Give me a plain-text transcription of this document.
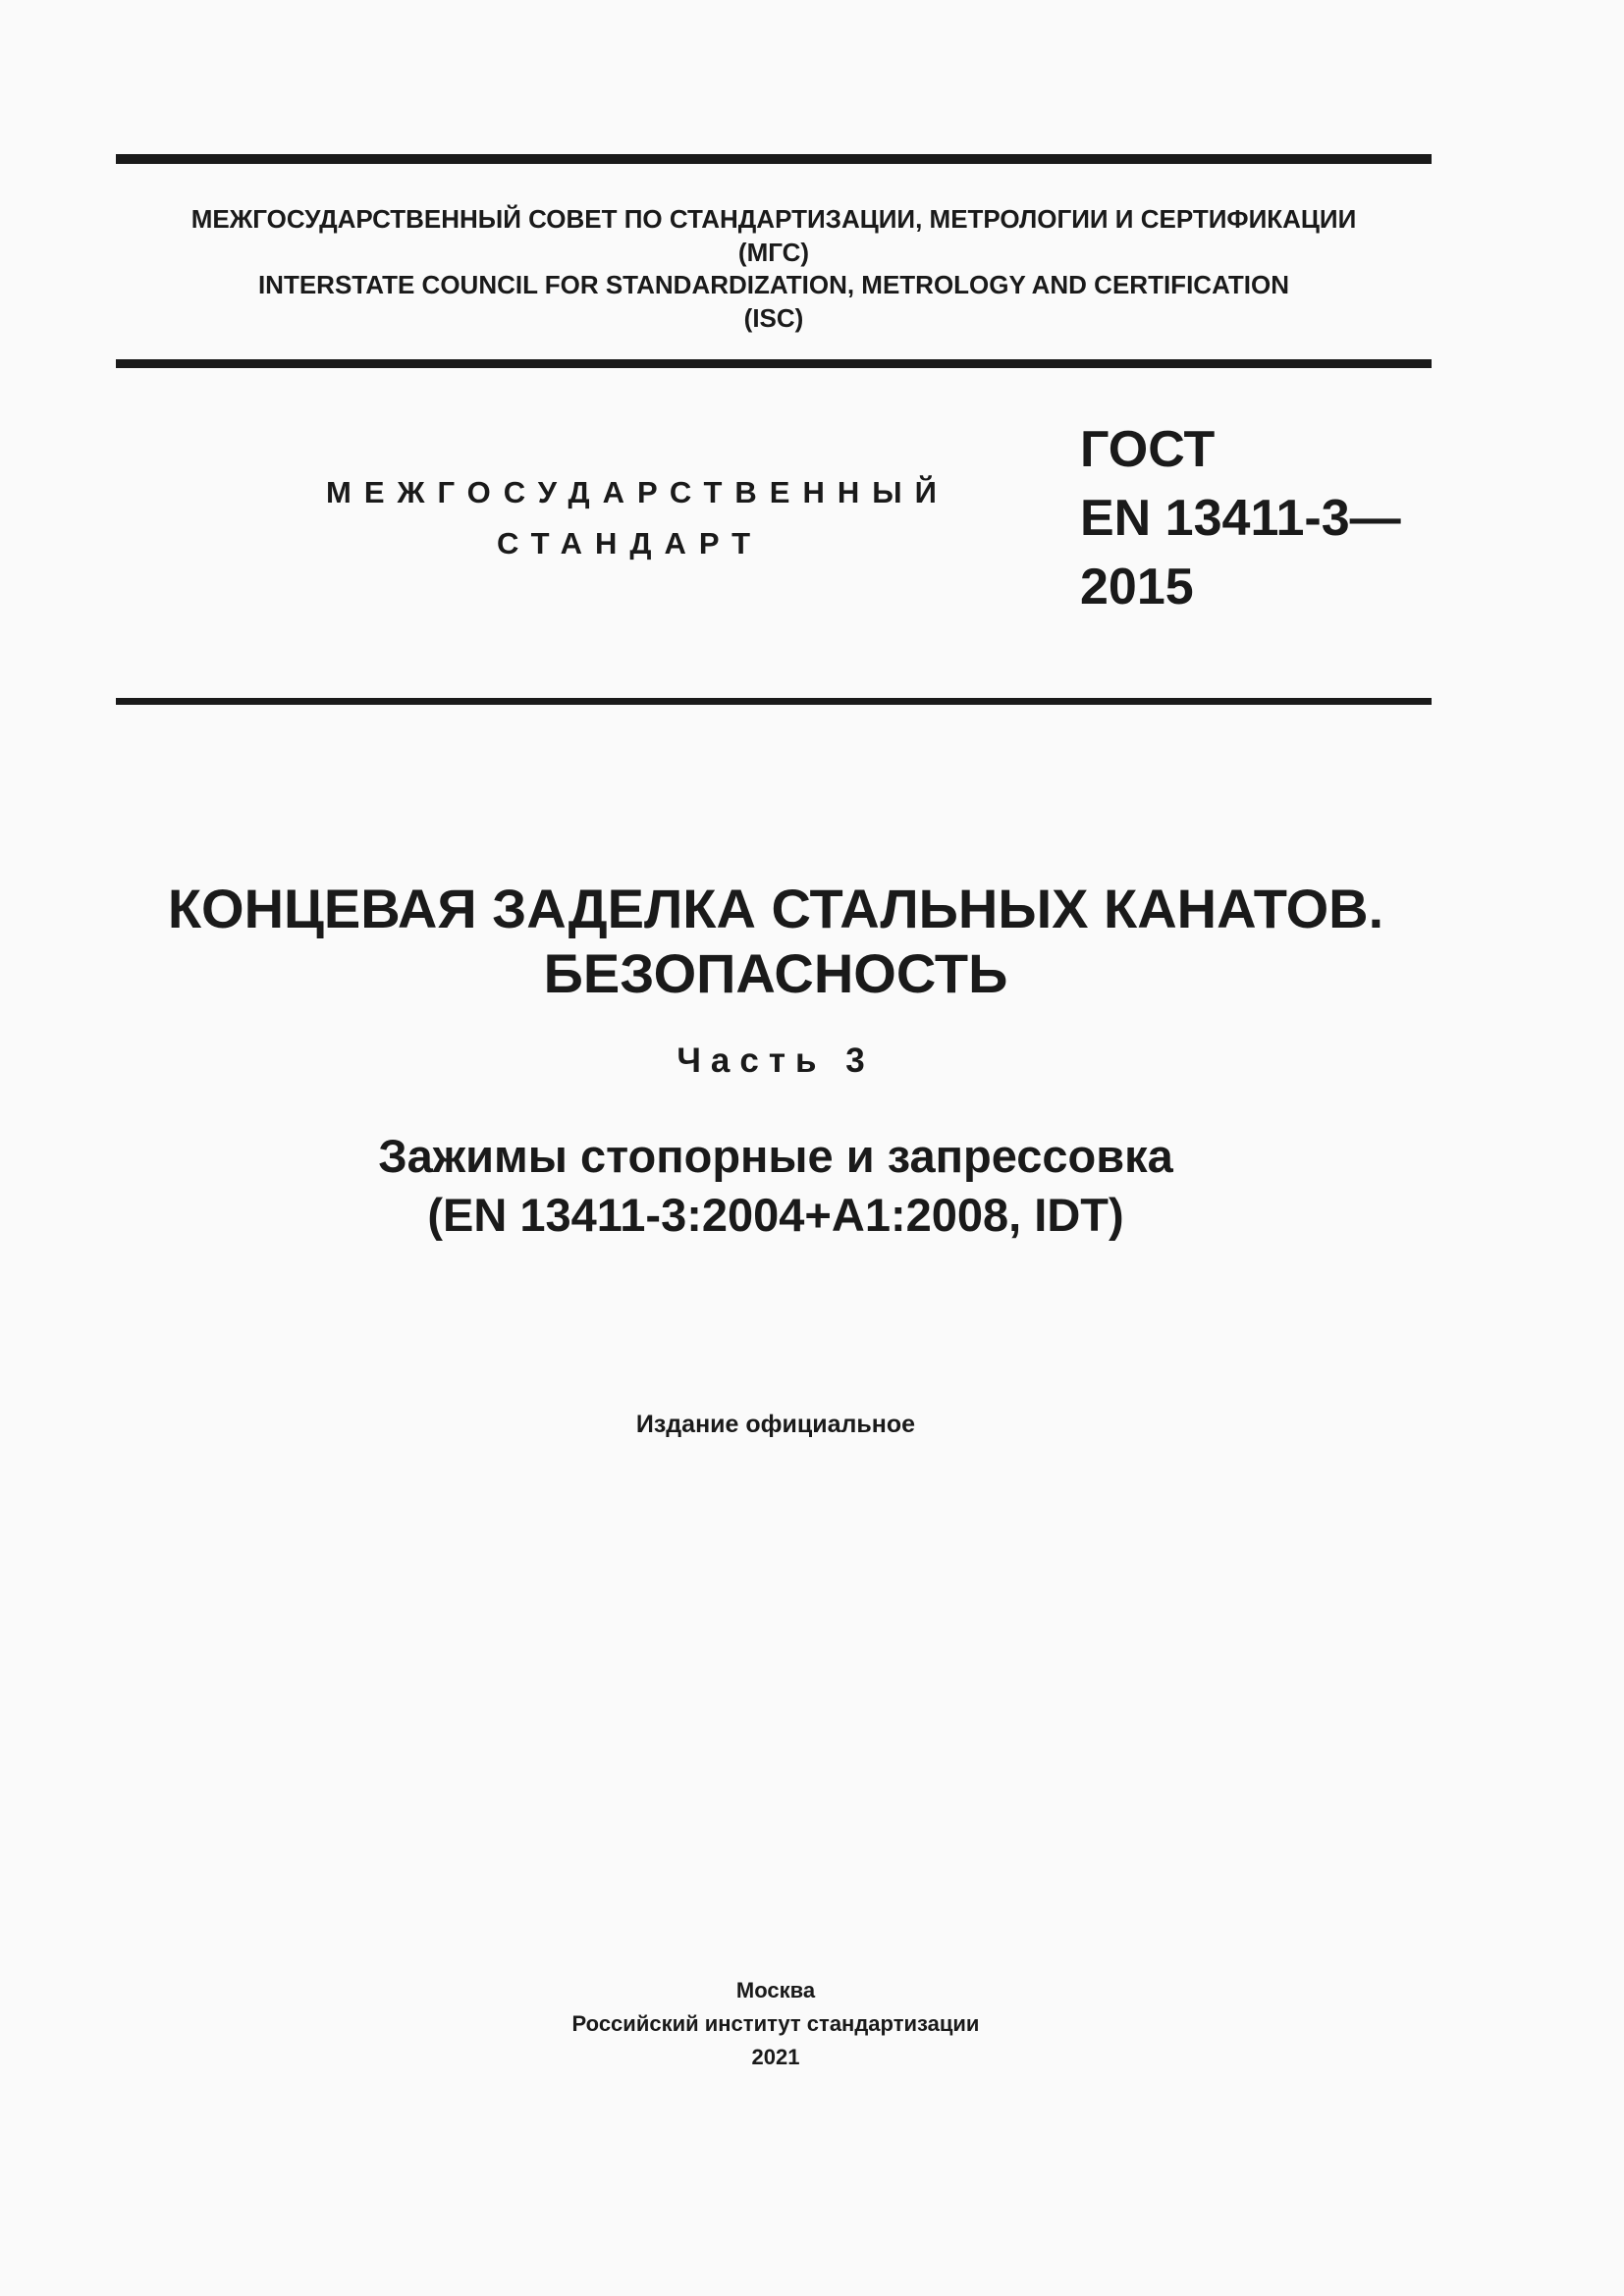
МЕЖГОСУДАРСТВЕННЫЙ СОВЕТ ПО СТАНДАРТИЗАЦИИ, МЕТРОЛОГИИ И СЕРТИФИКАЦИИ
(МГС)
INTERSTATE COUNCIL FOR STANDARDIZATION, METROLOGY AND CERTIFICATION
(ISC)
МЕЖГОСУДАРСТВЕННЫЙ
СТАНДАРТ
ГОСТ
EN 13411-3—
2015
КОНЦЕВАЯ ЗАДЕЛКА СТАЛЬНЫХ КАНАТОВ.
БЕЗОПАСНОСТЬ
Часть 3
Зажимы стопорные и запрессовка
(EN 13411-3:2004+A1:2008, IDT)
Издание официальное
Москва
Российский институт стандартизации
2021
